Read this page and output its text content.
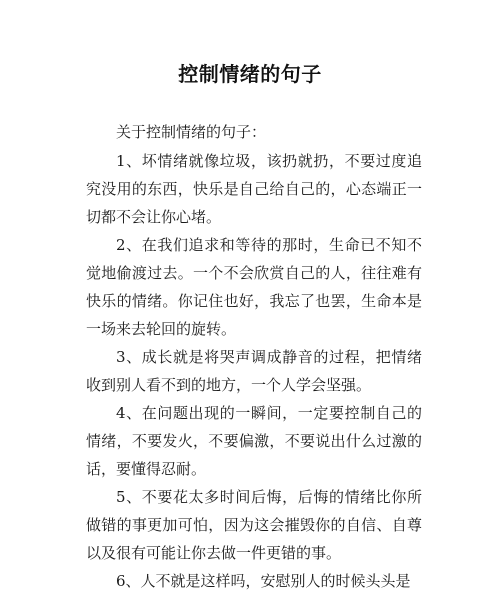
控制情绪的句子

关于控制情绪的句子：

1、坏情绪就像垃圾，该扔就扔，不要过度追究没用的东西，快乐是自己给自己的，心态端正一切都不会让你心堵。

2、在我们追求和等待的那时，生命已不知不觉地偷渡过去。一个不会欣赏自己的人，往往难有快乐的情绪。你记住也好，我忘了也罢，生命本是一场来去轮回的旋转。

3、成长就是将哭声调成静音的过程，把情绪收到别人看不到的地方，一个人学会坚强。

4、在问题出现的一瞬间，一定要控制自己的情绪，不要发火，不要偏激，不要说出什么过激的话，要懂得忍耐。

5、不要花太多时间后悔，后悔的情绪比你所做错的事更加可怕，因为这会摧毁你的自信、自尊以及很有可能让你去做一件更错的事。

6、人不就是这样吗，安慰别人的时候头头是
